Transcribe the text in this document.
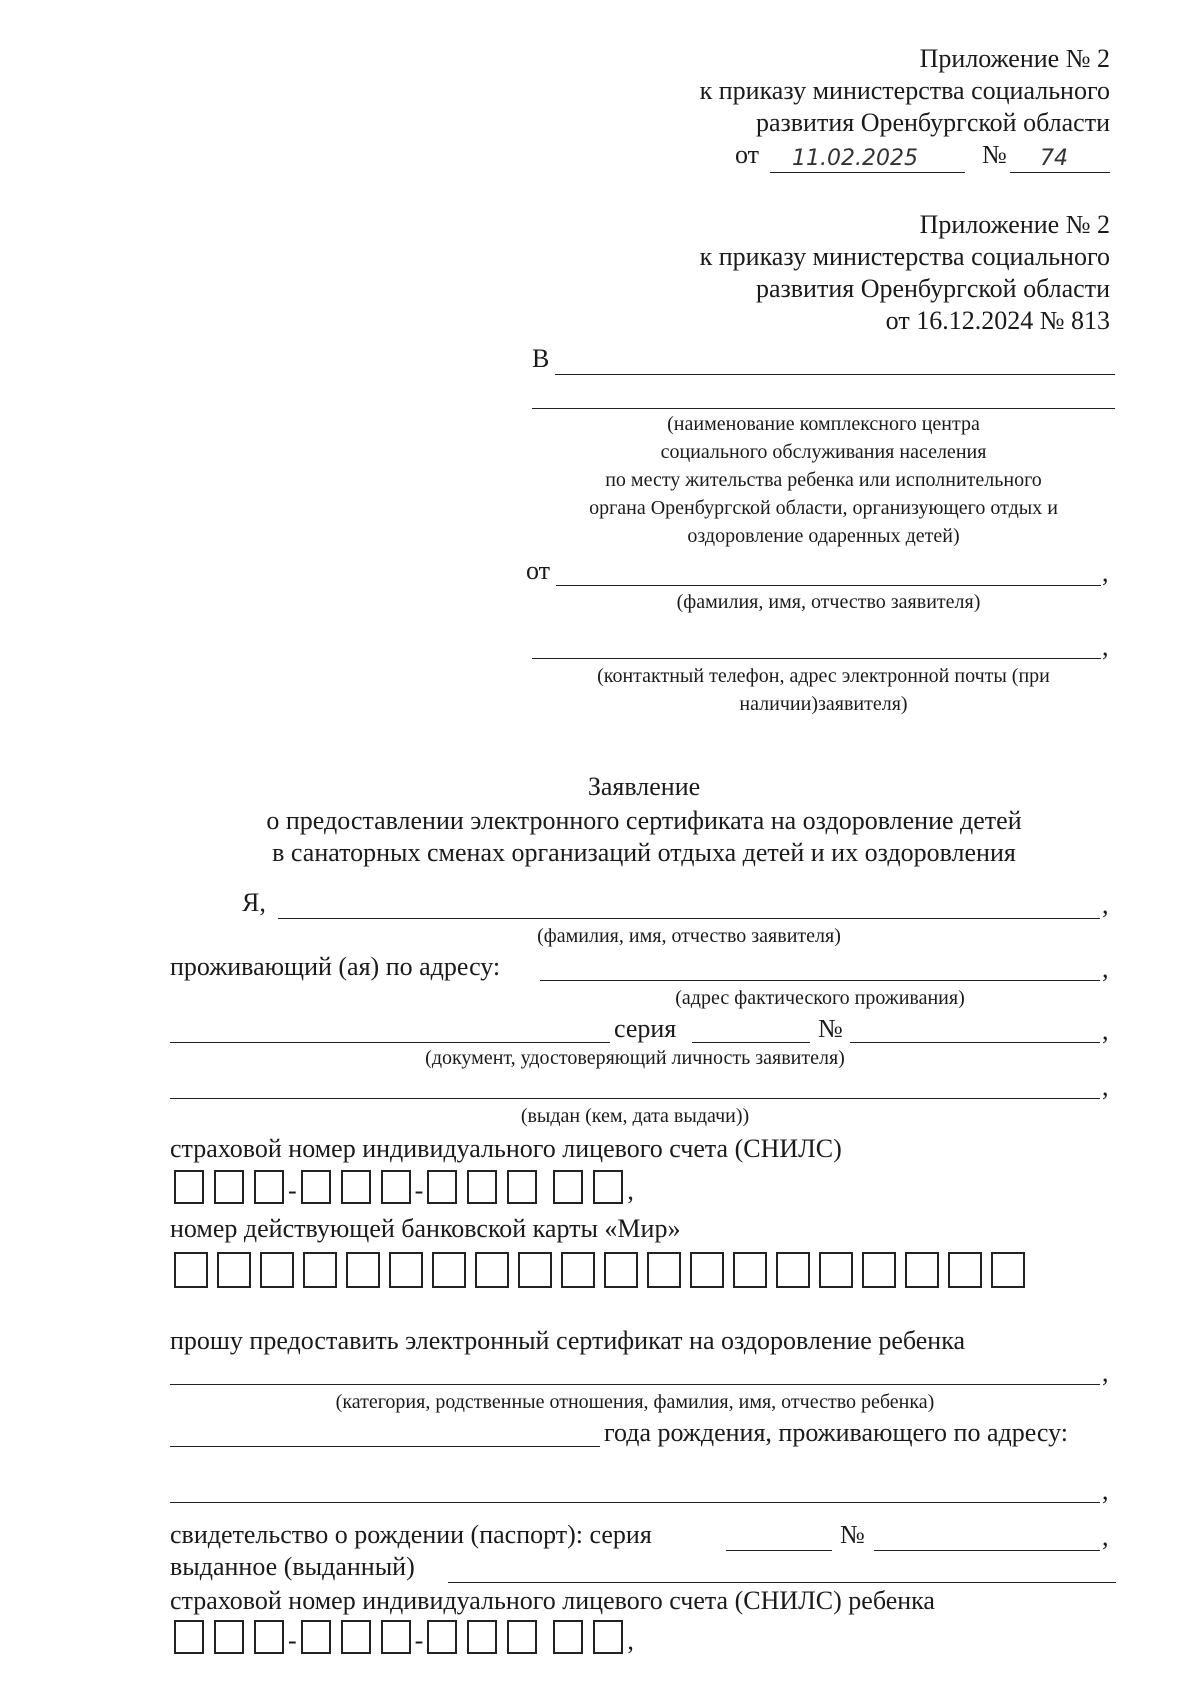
Приложение № 2
к приказу министерства социального
развития Оренбургской области
от 11.02.2025 № 74
Приложение № 2
к приказу министерства социального
развития Оренбургской области
от 16.12.2024 № 813
В
(наименование комплексного центра
социального обслуживания населения
по месту жительства ребенка или исполнительного
органа Оренбургской области, организующего отдых и
оздоровление одаренных детей)
от	,
(фамилия, имя, отчество заявителя)
,
(контактный телефон, адрес электронной почты (при
наличии)заявителя)
Заявление
о предоставлении электронного сертификата на оздоровление детей
в санаторных сменах организаций отдыха детей и их оздоровления
Я,	,
(фамилия, имя, отчество заявителя)
проживающий (ая) по адресу:	,
(адрес фактического проживания)
серия	№	,
(документ, удостоверяющий личность заявителя)
,
(выдан (кем, дата выдачи))
страховой номер индивидуального лицевого счета (СНИЛС)
-	-	,
номер действующей банковской карты «Мир»
прошу предоставить электронный сертификат на оздоровление ребенка
,
(категория, родственные отношения, фамилия, имя, отчество ребенка)
года рождения, проживающего по адресу:
,
свидетельство о рождении (паспорт): серия	№	,
выданное (выданный)
страховой номер индивидуального лицевого счета (СНИЛС) ребенка
-	-	,
